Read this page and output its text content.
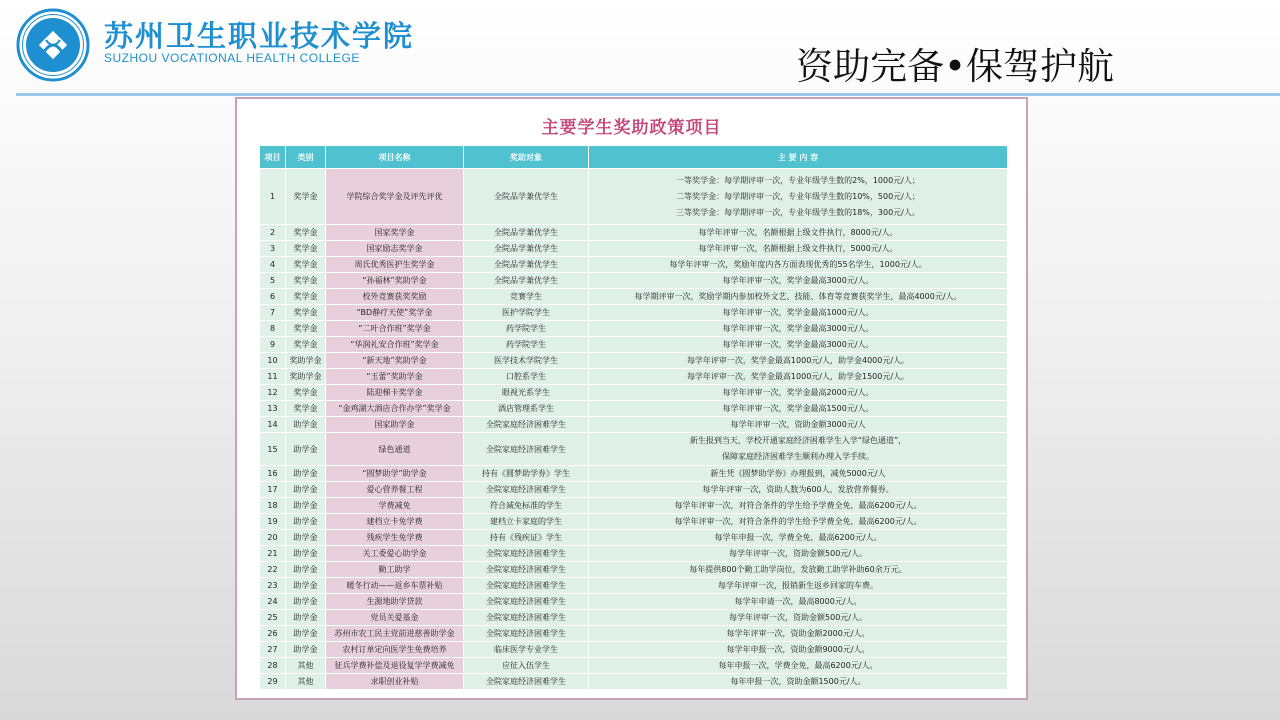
苏州卫生职业技术学院
SUZHOU VOCATIONAL HEALTH COLLEGE	资助完备•保驾护航
主要学生奖助政策项目
项目	类别	项目名称	奖助对象	主 要 内 容
1	奖学金	学院综合奖学金及评先评优	全院品学兼优学生	一等奖学金：每学期评审一次，专业年级学生数的2%，1000元/人；
二等奖学金：每学期评审一次，专业年级学生数的10%，500元/人；
三等奖学金：每学期评审一次，专业年级学生数的18%，300元/人。

2	奖学金	国家奖学金	全院品学兼优学生	每学年评审一次，名额根据上级文件执行，8000元/人。

3	奖学金	国家励志奖学金	全院品学兼优学生	每学年评审一次，名额根据上级文件执行，5000元/人。

4	奖学金	周氏优秀医护生奖学金	全院品学兼优学生	每学年评审一次，奖励年度内各方面表现优秀的55名学生，1000元/人。

5	奖学金	“孙福林”奖助学金	全院品学兼优学生	每学年评审一次，奖学金最高3000元/人。

6	奖学金	校外竞赛获奖奖励	竞赛学生	每学期评审一次，奖励学期内参加校外文艺、技能、体育等竞赛获奖学生，最高4000元/人。

7	奖学金	“BD静疗天使”奖学金	医护学院学生	每学年评审一次，奖学金最高1000元/人。

8	奖学金	“二叶合作班”奖学金	药学院学生	每学年评审一次，奖学金最高3000元/人。

9	奖学金	“华润礼安合作班”奖学金	药学院学生	每学年评审一次，奖学金最高3000元/人。

10	奖助学金	“新天地”奖助学金	医学技术学院学生	每学年评审一次，奖学金最高1000元/人，助学金4000元/人。

11	奖助学金	“玉蕾”奖助学金	口腔系学生	每学年评审一次，奖学金最高1000元/人，助学金1500元/人。

12	奖学金	陆迎梯卡奖学金	眼视光系学生	每学年评审一次，奖学金最高2000元/人。

13	奖学金	“金鸡湖大酒店合作办学”奖学金	酒店管理系学生	每学年评审一次，奖学金最高1500元/人。

14	助学金	国家助学金	全院家庭经济困难学生	每学年评审一次，资助金额3000元/人

15	助学金	绿色通道	全院家庭经济困难学生	新生报到当天，学校开通家庭经济困难学生入学“绿色通道”，
保障家庭经济困难学生顺利办理入学手续。

16	助学金	“圆梦助学”助学金	持有《圆梦助学券》学生	新生凭《圆梦助学券》办理报到，减免5000元/人

17	助学金	爱心营养餐工程	全院家庭经济困难学生	每学年评审一次，资助人数为600人，发放营养餐券。

18	助学金	学费减免	符合减免标准的学生	每学年评审一次，对符合条件的学生给予学费全免，最高6200元/人。

19	助学金	建档立卡免学费	建档立卡家庭的学生	每学年评审一次，对符合条件的学生给予学费全免，最高6200元/人。

20	助学金	残疾学生免学费	持有《残疾证》学生	每学年申报一次，学费全免，最高6200元/人。

21	助学金	关工委爱心助学金	全院家庭经济困难学生	每学年评审一次，资助金额500元/人。

22	助学金	勤工助学	全院家庭经济困难学生	每年提供800个勤工助学岗位，发放勤工助学补助60余万元。

23	助学金	暖冬行动——返乡车票补贴	全院家庭经济困难学生	每学年评审一次，报销新生返乡回家的车费。

24	助学金	生源地助学贷款	全院家庭经济困难学生	每学年申请一次，最高8000元/人。

25	助学金	党员关爱基金	全院家庭经济困难学生	每学年评审一次，资助金额500元/人。

26	助学金	苏州市农工民主党前进慈善助学金	全院家庭经济困难学生	每学年评审一次，资助金额2000元/人。

27	助学金	农村订单定向医学生免费培养	临床医学专业学生	每学年申报一次，资助金额9000元/人。

28	其他	征兵学费补偿及退役复学学费减免	应征入伍学生	每年申报一次，学费全免，最高6200元/人。

29	其他	求职创业补贴	全院家庭经济困难学生	每年申报一次，资助金额1500元/人。
